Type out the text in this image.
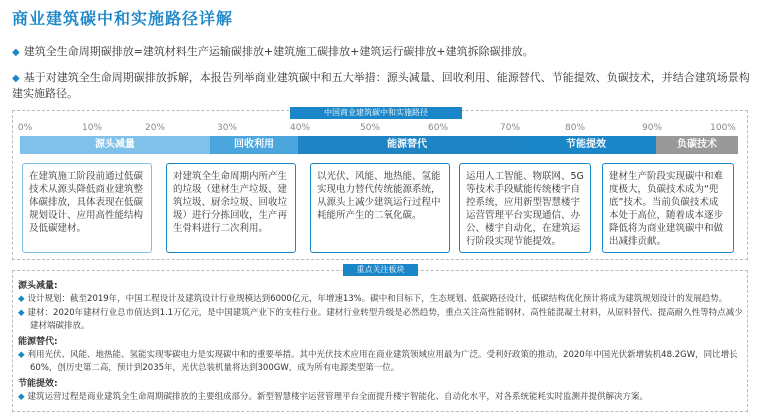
商业建筑碳中和实施路径详解
◆ 建筑全生命周期碳排放=建筑材料生产运输碳排放+建筑施工碳排放+建筑运行碳排放+建筑拆除碳排放。
◆ 基于对建筑全生命周期碳排放拆解，本报告列举商业建筑碳中和五大举措：源头减量、回收利用、能源替代、节能提效、负碳技术，并结合建筑场景构建实施路径。
中国商业建筑碳中和实施路径
0%	10%	20%	30%	40%	50%	60%	70%	80%	90%	100%
源头减量	回收利用	能源替代	节能提效	负碳技术
在建筑施工阶段前通过低碳技术从源头降低商业建筑整体碳排放，具体表现在低碳规划设计、应用高性能结构及低碳建材。
对建筑全生命周期内所产生的垃圾（建材生产垃圾、建筑垃圾、厨余垃圾、回收垃圾）进行分拣回收，生产再生骨料进行二次利用。
以光伏、风能、地热能、氢能实现电力替代传统能源系统，从源头上减少建筑运行过程中耗能所产生的二氧化碳。
运用人工智能、物联网、5G等技术手段赋能传统楼宇自控系统，应用新型智慧楼宇运营管理平台实现通信、办公、楼宇自动化，在建筑运行阶段实现节能提效。
建材生产阶段实现碳中和难度极大，负碳技术成为“兜底”技术。当前负碳技术成本处于高位，随着成本逐步降低将为商业建筑碳中和做出减排贡献。
重点关注板块
源头减量:
◆ 设计规划：截至2019年，中国工程设计及建筑设计行业规模达到6000亿元，年增速13%。碳中和目标下，生态规划、低碳路径设计，低碳结构优化预计将成为建筑规划设计的发展趋势。
◆ 建材：2020年建材行业总市值达到1.1万亿元，是中国建筑产业下的支柱行业。建材行业转型升级是必然趋势，重点关注高性能钢材、高性能混凝土材料，从原料替代、提高耐久性等特点减少
建材端碳排放。
能源替代:
◆ 利用光伏、风能、地热能、氢能实现零碳电力是实现碳中和的重要举措。其中光伏技术应用在商业建筑领域应用最为广泛。受利好政策的推动，2020年中国光伏新增装机48.2GW，同比增长
60%，创历史第二高，预计到2035年，光伏总装机量将达到300GW，成为所有电源类型第一位。
节能提效:
◆ 建筑运营过程是商业建筑全生命周期碳排放的主要组成部分。新型智慧楼宇运营管理平台全面提升楼宇智能化、自动化水平，对各系统能耗实时监测并提供解决方案。
